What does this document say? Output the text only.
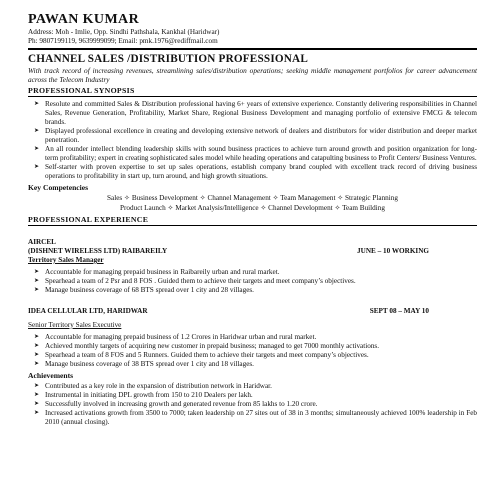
PAWAN KUMAR
Address: Moh - Imlie, Opp. Sindhi Pathshala, Kankhal (Haridwar)
Ph: 9807199119, 9639999099; Email: pmk.1976@rediffmail.com
CHANNEL SALES /DISTRIBUTION PROFESSIONAL
With track record of increasing revenues, streamlining sales/distribution operations; seeking middle management portfolios for career advancement across the Telecom Industry
PROFESSIONAL SYNOPSIS
➤ Resolute and committed Sales & Distribution professional having 6+ years of extensive experience. Constantly delivering responsibilities in Channel Sales, Revenue Generation, Profitability, Market Share, Regional Business Development and managing portfolio of extensive FMCG & telecom brands.
➤ Displayed professional excellence in creating and developing extensive network of dealers and distributors for wider distribution and deeper market penetration.
➤ An all rounder intellect blending leadership skills with sound business practices to achieve turn around growth and position organization for long-term profitability; expert in creating sophisticated sales model while heading operations and catapulting business to Profit Centers/ Business Ventures.
➤ Self-starter with proven expertise to set up sales operations, establish company brand coupled with excellent track record of driving business operations to profitability in start up, turn around, and high growth situations.
Key Competencies
Sales ✧ Business Development ✧ Channel Management ✧ Team Management ✧ Strategic Planning
Product Launch ✧ Market Analysis/Intelligence ✧ Channel Development ✧ Team Building
PROFESSIONAL EXPERIENCE
AIRCEL
(DISHNET WIRELESS LTD) RAIBAREILY	JUNE – 10 WORKING
Territory Sales Manager
➤ Accountable for managing prepaid business in Raibareily urban and rural market.
➤ Spearhead a team of 2 Psr and 8 FOS . Guided them to achieve their targets and meet company’s objectives.
➤ Manage business coverage of 68 BTS spread over 1 city and 28 villages.
IDEA CELLULAR LTD, HARIDWAR	SEPT 08 – MAY 10
Senior Territory Sales Executive
➤ Accountable for managing prepaid business of 1.2 Crores in Haridwar urban and rural market.
➤ Achieved monthly targets of acquiring new customer in prepaid business; managed to get 7000 monthly activations.
➤ Spearhead a team of 8 FOS and 5 Runners. Guided them to achieve their targets and meet company’s objectives.
➤ Manage business coverage of 38 BTS spread over 1 city and 18 villages.
Achievements
➤ Contributed as a key role in the expansion of distribution network in Haridwar.
➤ Instrumental in initiating DPL growth from 150 to 210 Dealers per lakh.
➤ Successfully involved in increasing growth and generated revenue from 85 lakhs to 1.20 crore.
➤ Increased activations growth from 3500 to 7000; taken leadership on 27 sites out of 38 in 3 months; simultaneously achieved 100% leadership in Feb 2010 (annual closing).
